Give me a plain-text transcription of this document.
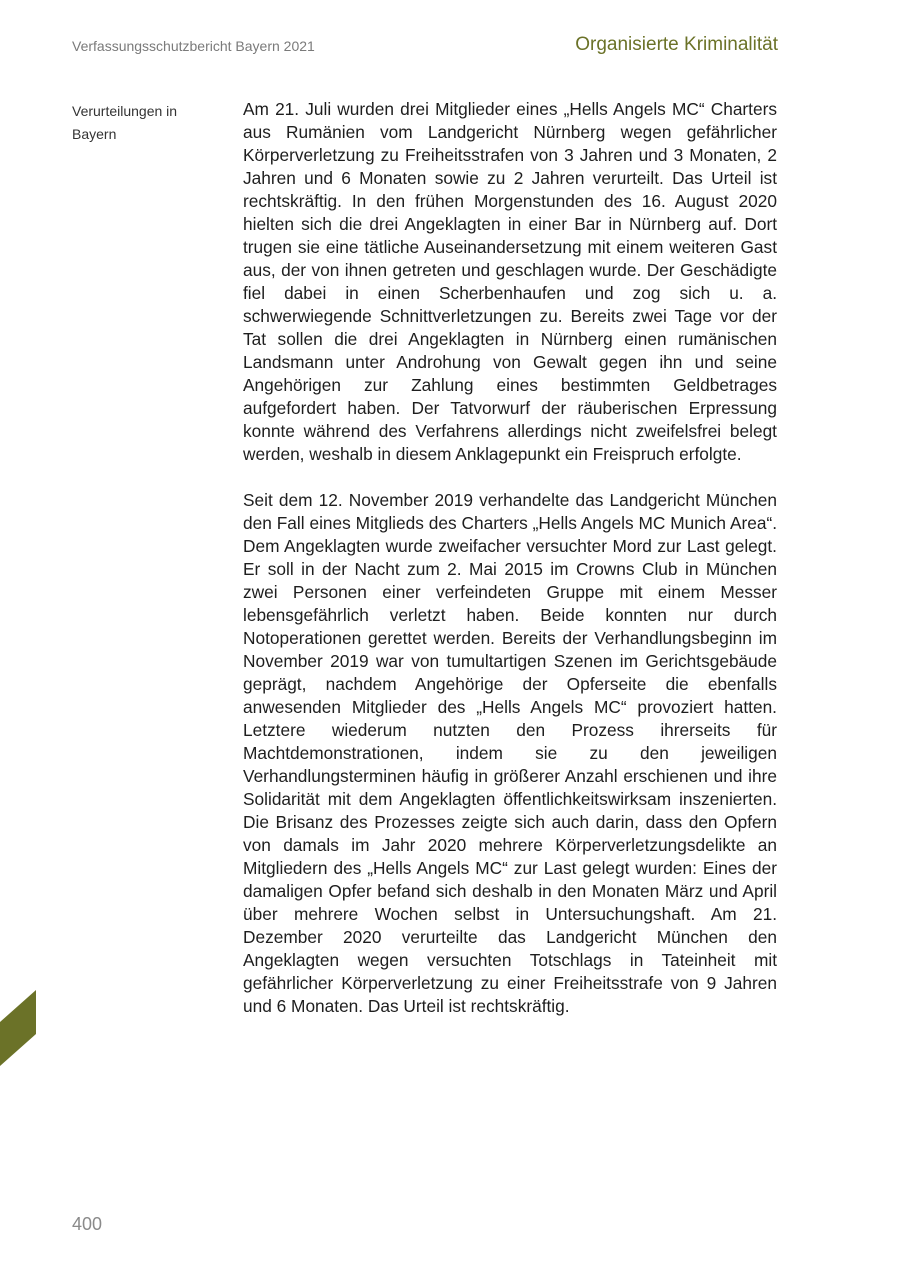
Verfassungsschutzbericht Bayern 2021	Organisierte Kriminalität
Verurteilungen in
Bayern

Am 21. Juli wurden drei Mitglieder eines „Hells Angels MC“ Charters aus Rumänien vom Landgericht Nürnberg wegen gefährlicher Körperverletzung zu Freiheitsstrafen von 3 Jahren und 3 Monaten, 2 Jahren und 6 Monaten sowie zu 2 Jahren verurteilt. Das Urteil ist rechtskräftig. In den frühen Morgenstunden des 16. August 2020 hielten sich die drei Angeklagten in einer Bar in Nürnberg auf. Dort trugen sie eine tätliche Auseinandersetzung mit einem weiteren Gast aus, der von ihnen getreten und geschlagen wurde. Der Geschädigte fiel dabei in einen Scherbenhaufen und zog sich u. a. schwerwiegende Schnittverletzungen zu. Bereits zwei Tage vor der Tat sollen die drei Angeklagten in Nürnberg einen rumänischen Landsmann unter Androhung von Gewalt gegen ihn und seine Angehörigen zur Zahlung eines bestimmten Geldbetrages aufgefordert haben. Der Tatvorwurf der räuberischen Erpressung konnte während des Verfahrens allerdings nicht zweifelsfrei belegt werden, weshalb in diesem Anklagepunkt ein Freispruch erfolgte.

Seit dem 12. November 2019 verhandelte das Landgericht München den Fall eines Mitglieds des Charters „Hells Angels MC Munich Area“. Dem Angeklagten wurde zweifacher versuchter Mord zur Last gelegt. Er soll in der Nacht zum 2. Mai 2015 im Crowns Club in München zwei Personen einer verfeindeten Gruppe mit einem Messer lebensgefährlich verletzt haben. Beide konnten nur durch Notoperationen gerettet werden. Bereits der Verhandlungsbeginn im November 2019 war von tumultartigen Szenen im Gerichtsgebäude geprägt, nachdem Angehörige der Opferseite die ebenfalls anwesenden Mitglieder des „Hells Angels MC“ provoziert hatten. Letztere wiederum nutzten den Prozess ihrerseits für Machtdemonstrationen, indem sie zu den jeweiligen Verhandlungsterminen häufig in größerer Anzahl erschienen und ihre Solidarität mit dem Angeklagten öffentlichkeitswirksam inszenierten. Die Brisanz des Prozesses zeigte sich auch darin, dass den Opfern von damals im Jahr 2020 mehrere Körperverletzungsdelikte an Mitgliedern des „Hells Angels MC“ zur Last gelegt wurden: Eines der damaligen Opfer befand sich deshalb in den Monaten März und April über mehrere Wochen selbst in Untersuchungshaft. Am 21. Dezember 2020 verurteilte das Landgericht München den Angeklagten wegen versuchten Totschlags in Tateinheit mit gefährlicher Körperverletzung zu einer Freiheitsstrafe von 9 Jahren und 6 Monaten. Das Urteil ist rechtskräftig.

400
